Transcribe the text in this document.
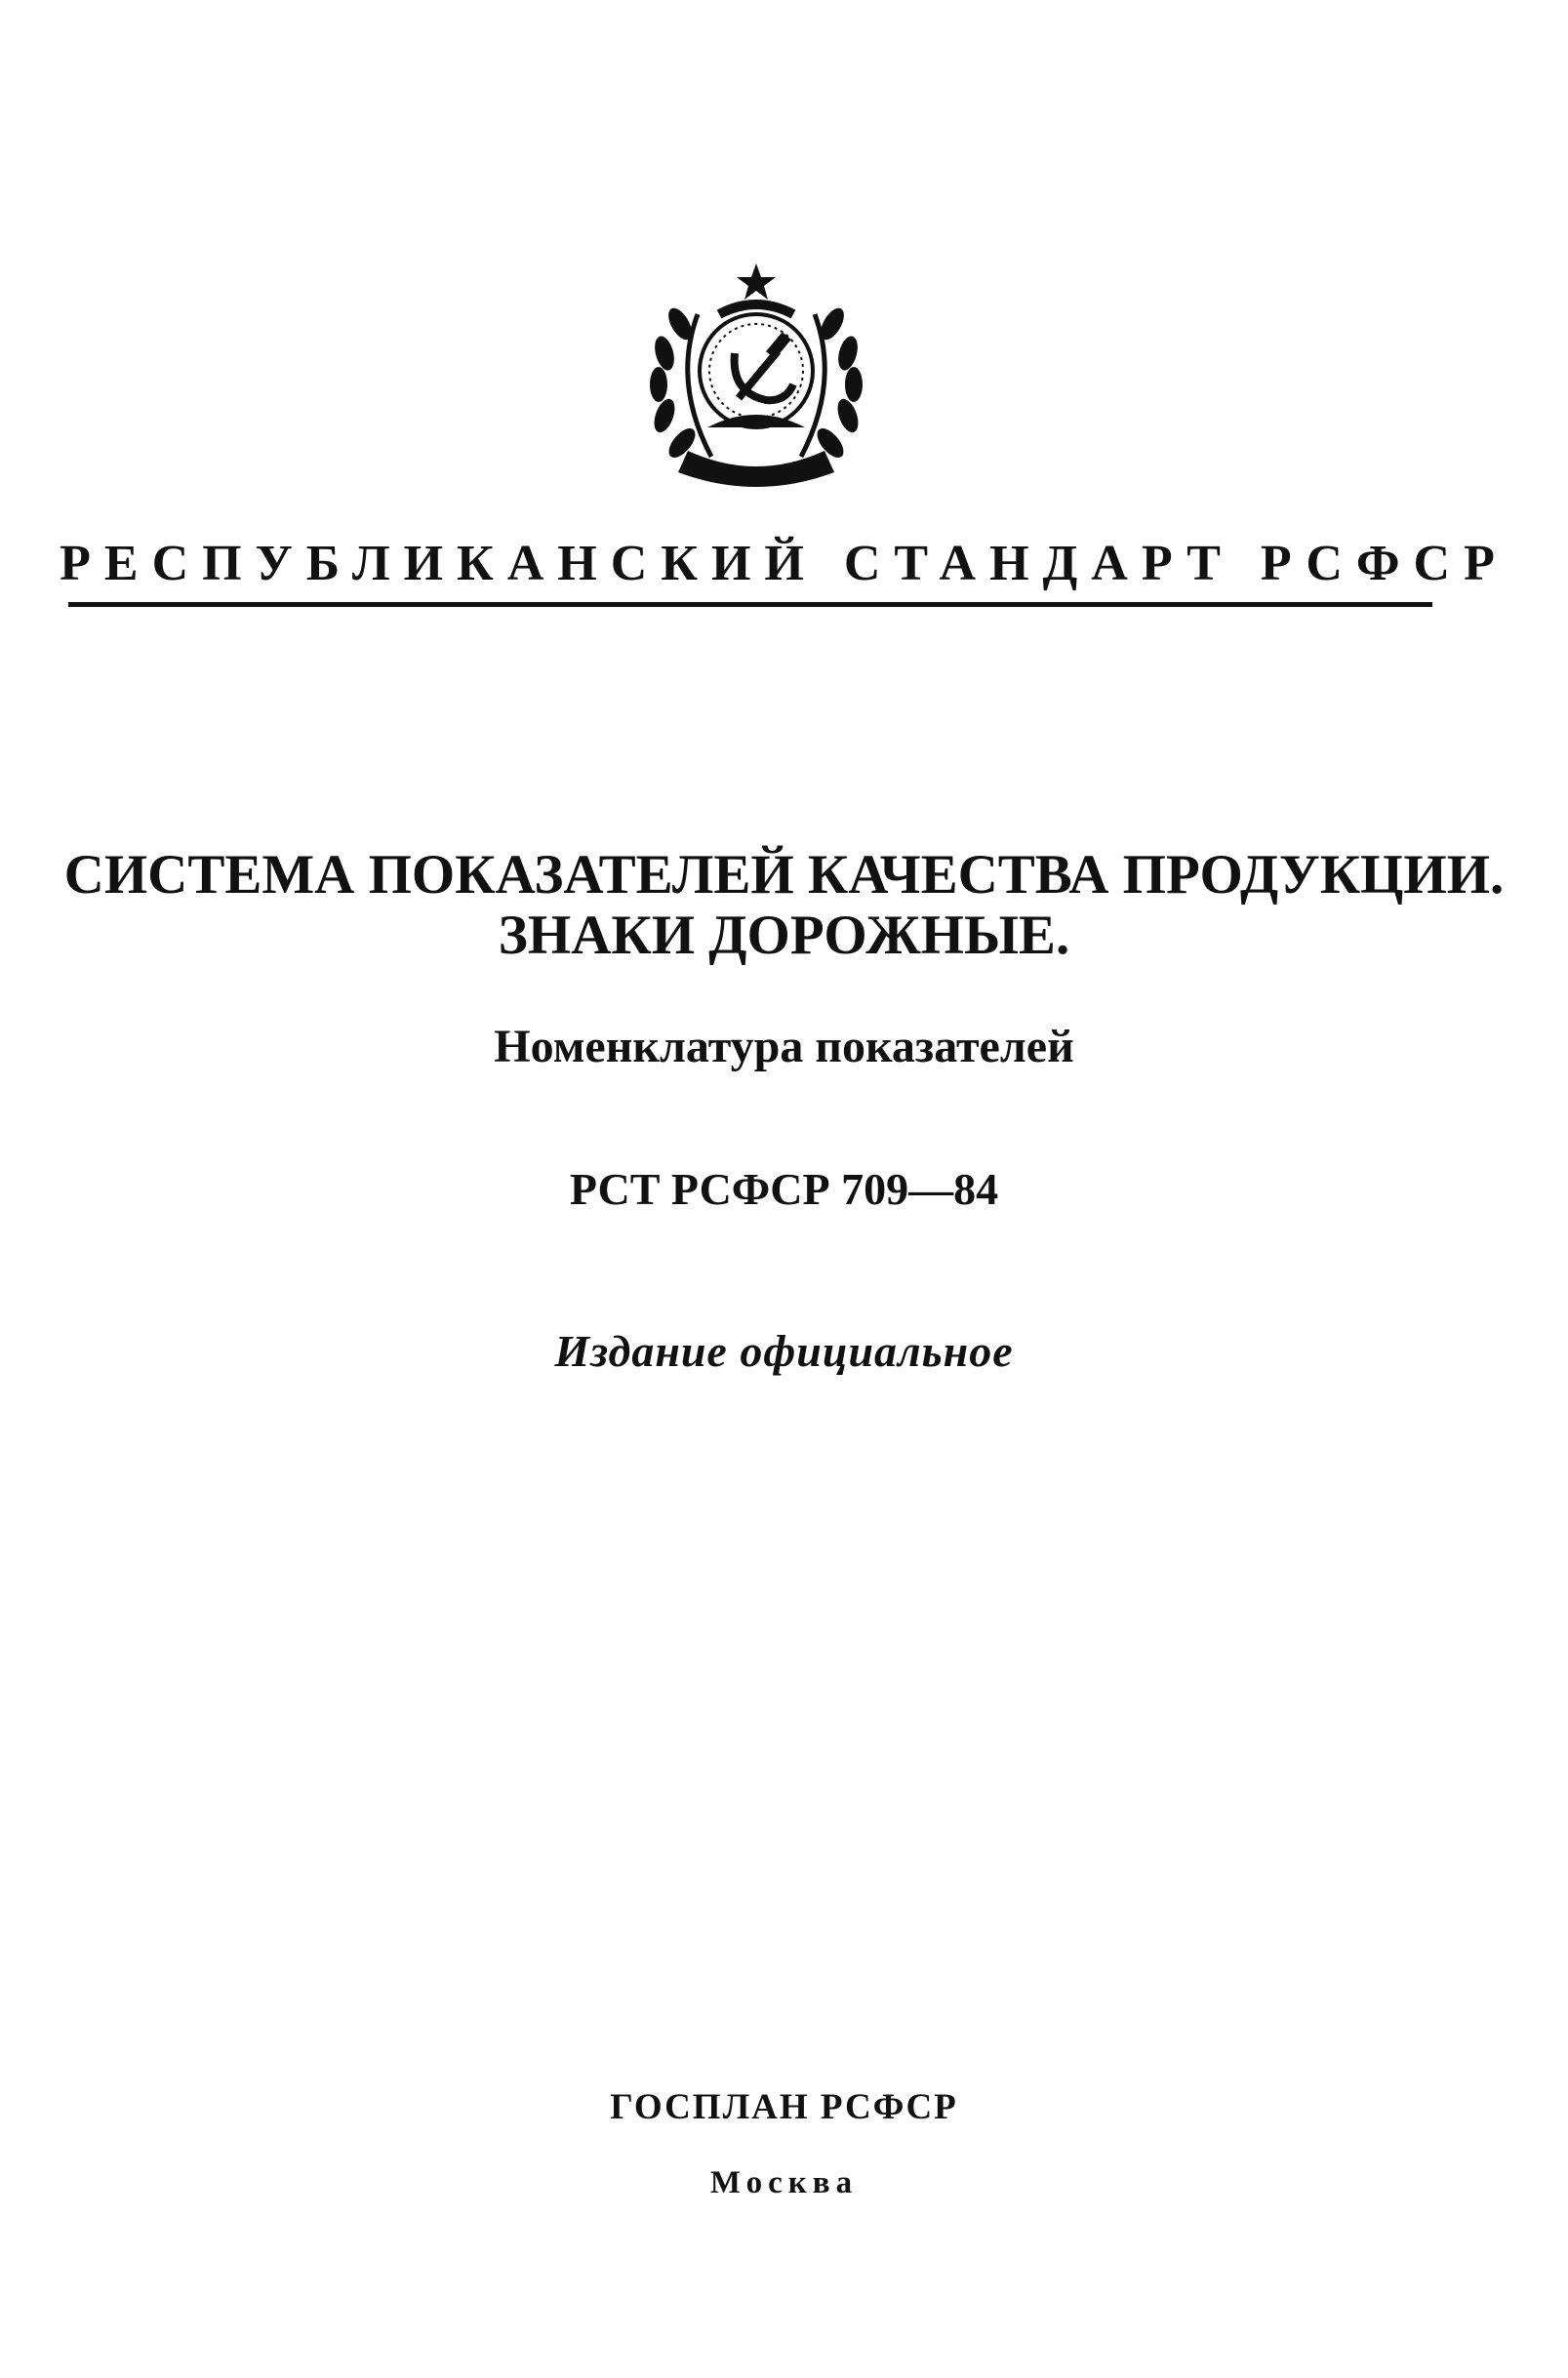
РЕСПУБЛИКАНСКИЙ СТАНДАРТ РСФСР
СИСТЕМА ПОКАЗАТЕЛЕЙ КАЧЕСТВА ПРОДУКЦИИ.
ЗНАКИ ДОРОЖНЫЕ.
Номенклатура показателей
РСТ РСФСР 709—84
Издание официальное
ГОСПЛАН РСФСР
Москва
